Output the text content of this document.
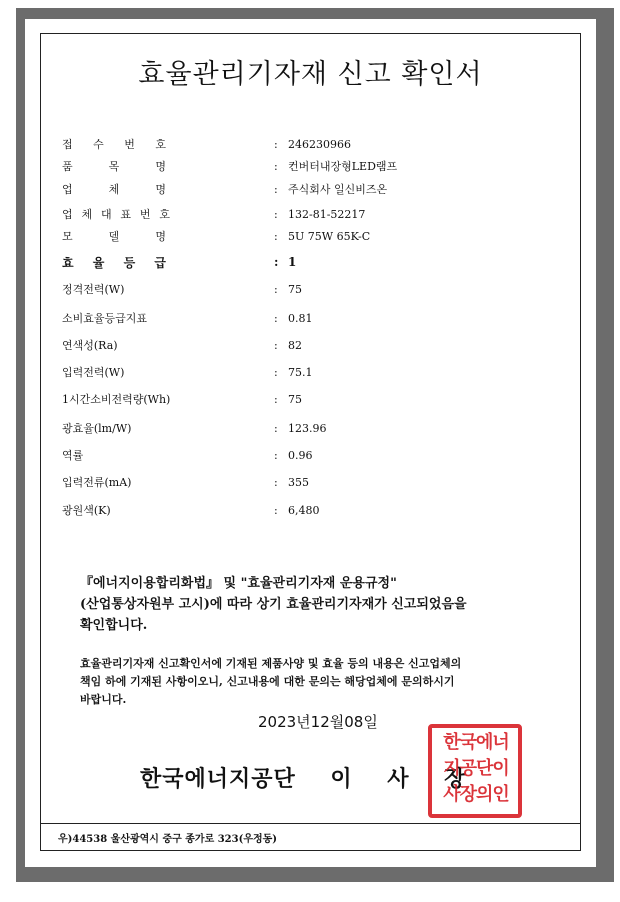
효율관리기자재 신고 확인서
접 수 번 호	: 246230966
품	목	명	: 컨버터내장형LED램프
업	체	명	: 주식회사 일신비즈온
업 체 대 표 번 호	: 132-81-52217
모	델	명	: 5U 75W 65K-C
효 율 등 급	: 1
정격전력(W)	: 75
소비효율등급지표	: 0.81
연색성(Ra)	: 82
입력전력(W)	: 75.1
1시간소비전력량(Wh)	: 75
광효율(lm/W)	: 123.96
역률	: 0.96
입력전류(mA)	: 355
광원색(K)	: 6,480
『에너지이용합리화법』 및 "효율관리기자재 운용규정"
(산업통상자원부 고시)에 따라 상기 효율관리기자재가 신고되었음을
확인합니다.
효율관리기자재 신고확인서에 기재된 제품사양 및 효율 등의 내용은 신고업체의
책임 하에 기재된 사항이오니, 신고내용에 대한 문의는 해당업체에 문의하시기
바랍니다.
2023년12월08일
한국에너지공단    이    사    장
한국에너
지공단이
사장의인
우)44538 울산광역시 중구 종가로 323(우정동)
